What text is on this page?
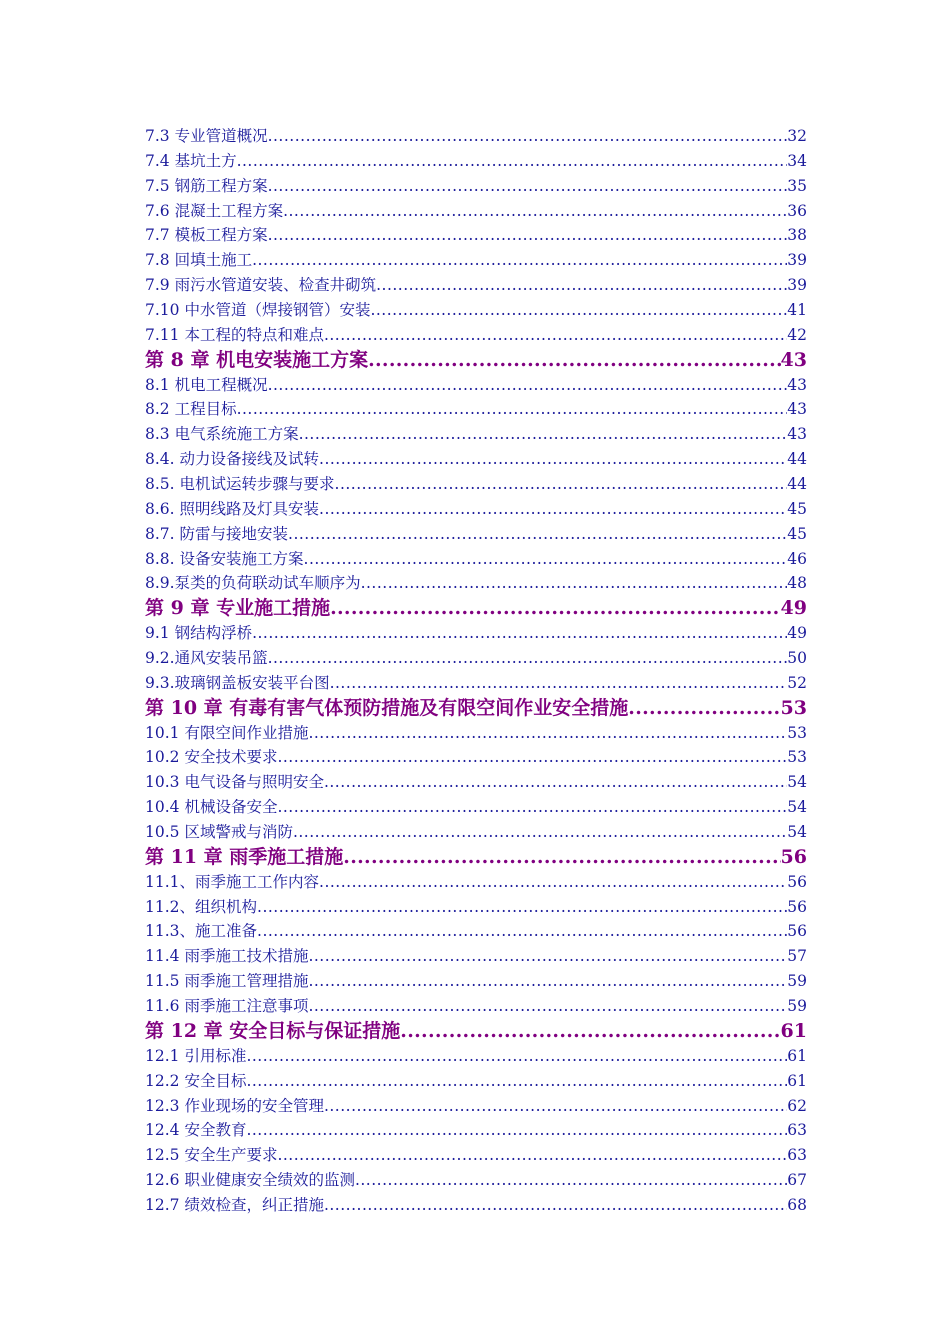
7.3 专业管道概况 .....	32
7.4 基坑土方 .....	34
7.5 钢筋工程方案 .....	35
7.6 混凝土工程方案 .....	36
7.7 模板工程方案 .....	38
7.8 回填土施工 .....	39
7.9 雨污水管道安装、检查井砌筑 .....	39
7.10 中水管道（焊接钢管）安装 .....	41
7.11 本工程的特点和难点 .....	42
第 8 章 机电安装施工方案 .....	43
8.1 机电工程概况 .....	43
8.2 工程目标 .....	43
8.3 电气系统施工方案 .....	43
8.4. 动力设备接线及试转 .....	44
8.5. 电机试运转步骤与要求 .....	44
8.6. 照明线路及灯具安装 .....	45
8.7. 防雷与接地安装 .....	45
8.8. 设备安装施工方案 .....	46
8.9.泵类的负荷联动试车顺序为 .....	48
第 9 章 专业施工措施 .....	49
9.1 钢结构浮桥 .....	49
9.2.通风安装吊篮 .....	50
9.3.玻璃钢盖板安装平台图 .....	52
第 10 章 有毒有害气体预防措施及有限空间作业安全措施 .....	53
10.1 有限空间作业措施 .....	53
10.2 安全技术要求 .....	53
10.3 电气设备与照明安全 .....	54
10.4 机械设备安全 .....	54
10.5 区域警戒与消防 .....	54
第 11 章 雨季施工措施 .....	56
11.1、雨季施工工作内容 .....	56
11.2、组织机构 .....	56
11.3、施工准备 .....	56
11.4 雨季施工技术措施 .....	57
11.5 雨季施工管理措施 .....	59
11.6 雨季施工注意事项 .....	59
第 12 章 安全目标与保证措施 .....	61
12.1 引用标准 .....	61
12.2 安全目标 .....	61
12.3 作业现场的安全管理 .....	62
12.4 安全教育 .....	63
12.5 安全生产要求 .....	63
12.6 职业健康安全绩效的监测 .....	67
12.7 绩效检查，纠正措施 .....	68
